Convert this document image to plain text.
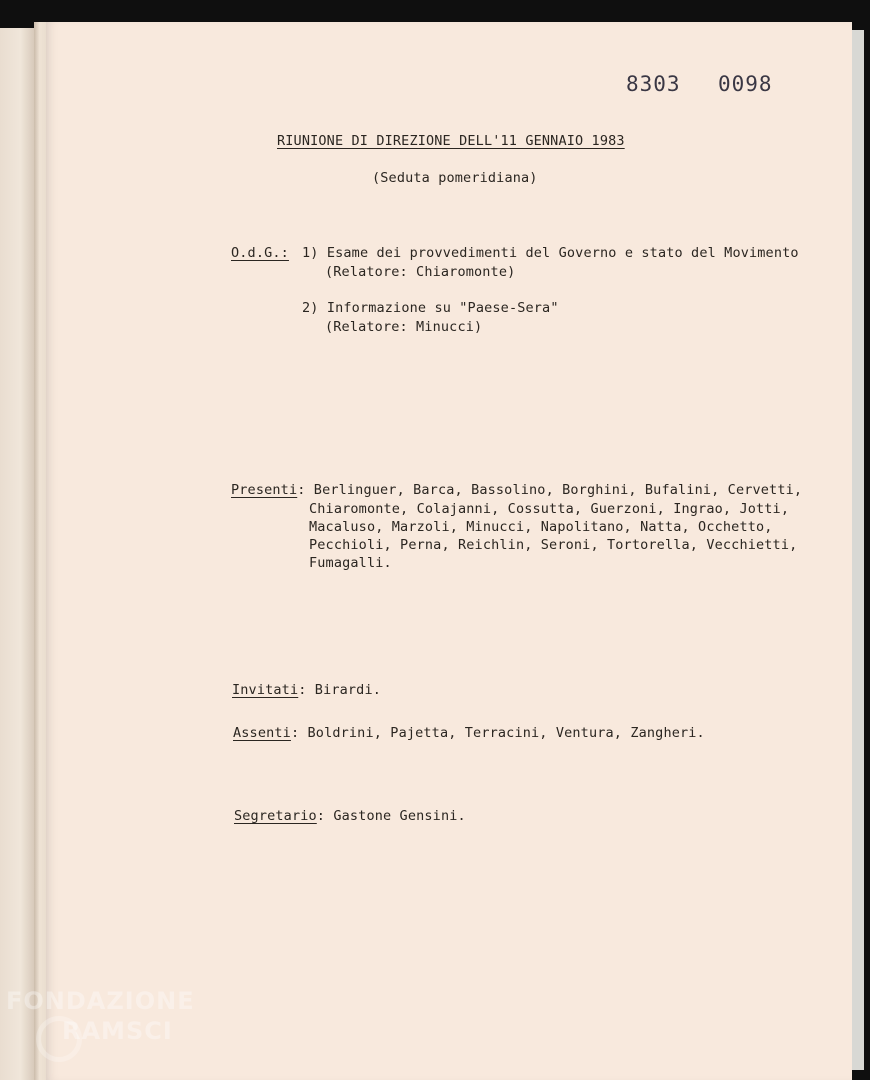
8303 0098
RIUNIONE DI DIREZIONE DELL'11 GENNAIO 1983
(Seduta pomeridiana)
O.d.G.: 1) Esame dei provvedimenti del Governo e stato del Movimento
(Relatore: Chiaromonte)
2) Informazione su "Paese-Sera"
(Relatore: Minucci)
Presenti: Berlinguer, Barca, Bassolino, Borghini, Bufalini, Cervetti,
Chiaromonte, Colajanni, Cossutta, Guerzoni, Ingrao, Jotti,
Macaluso, Marzoli, Minucci, Napolitano, Natta, Occhetto,
Pecchioli, Perna, Reichlin, Seroni, Tortorella, Vecchietti,
Fumagalli.
Invitati: Birardi.
Assenti: Boldrini, Pajetta, Terracini, Ventura, Zangheri.
Segretario: Gastone Gensini.
FONDAZIONE
RAMSCI
